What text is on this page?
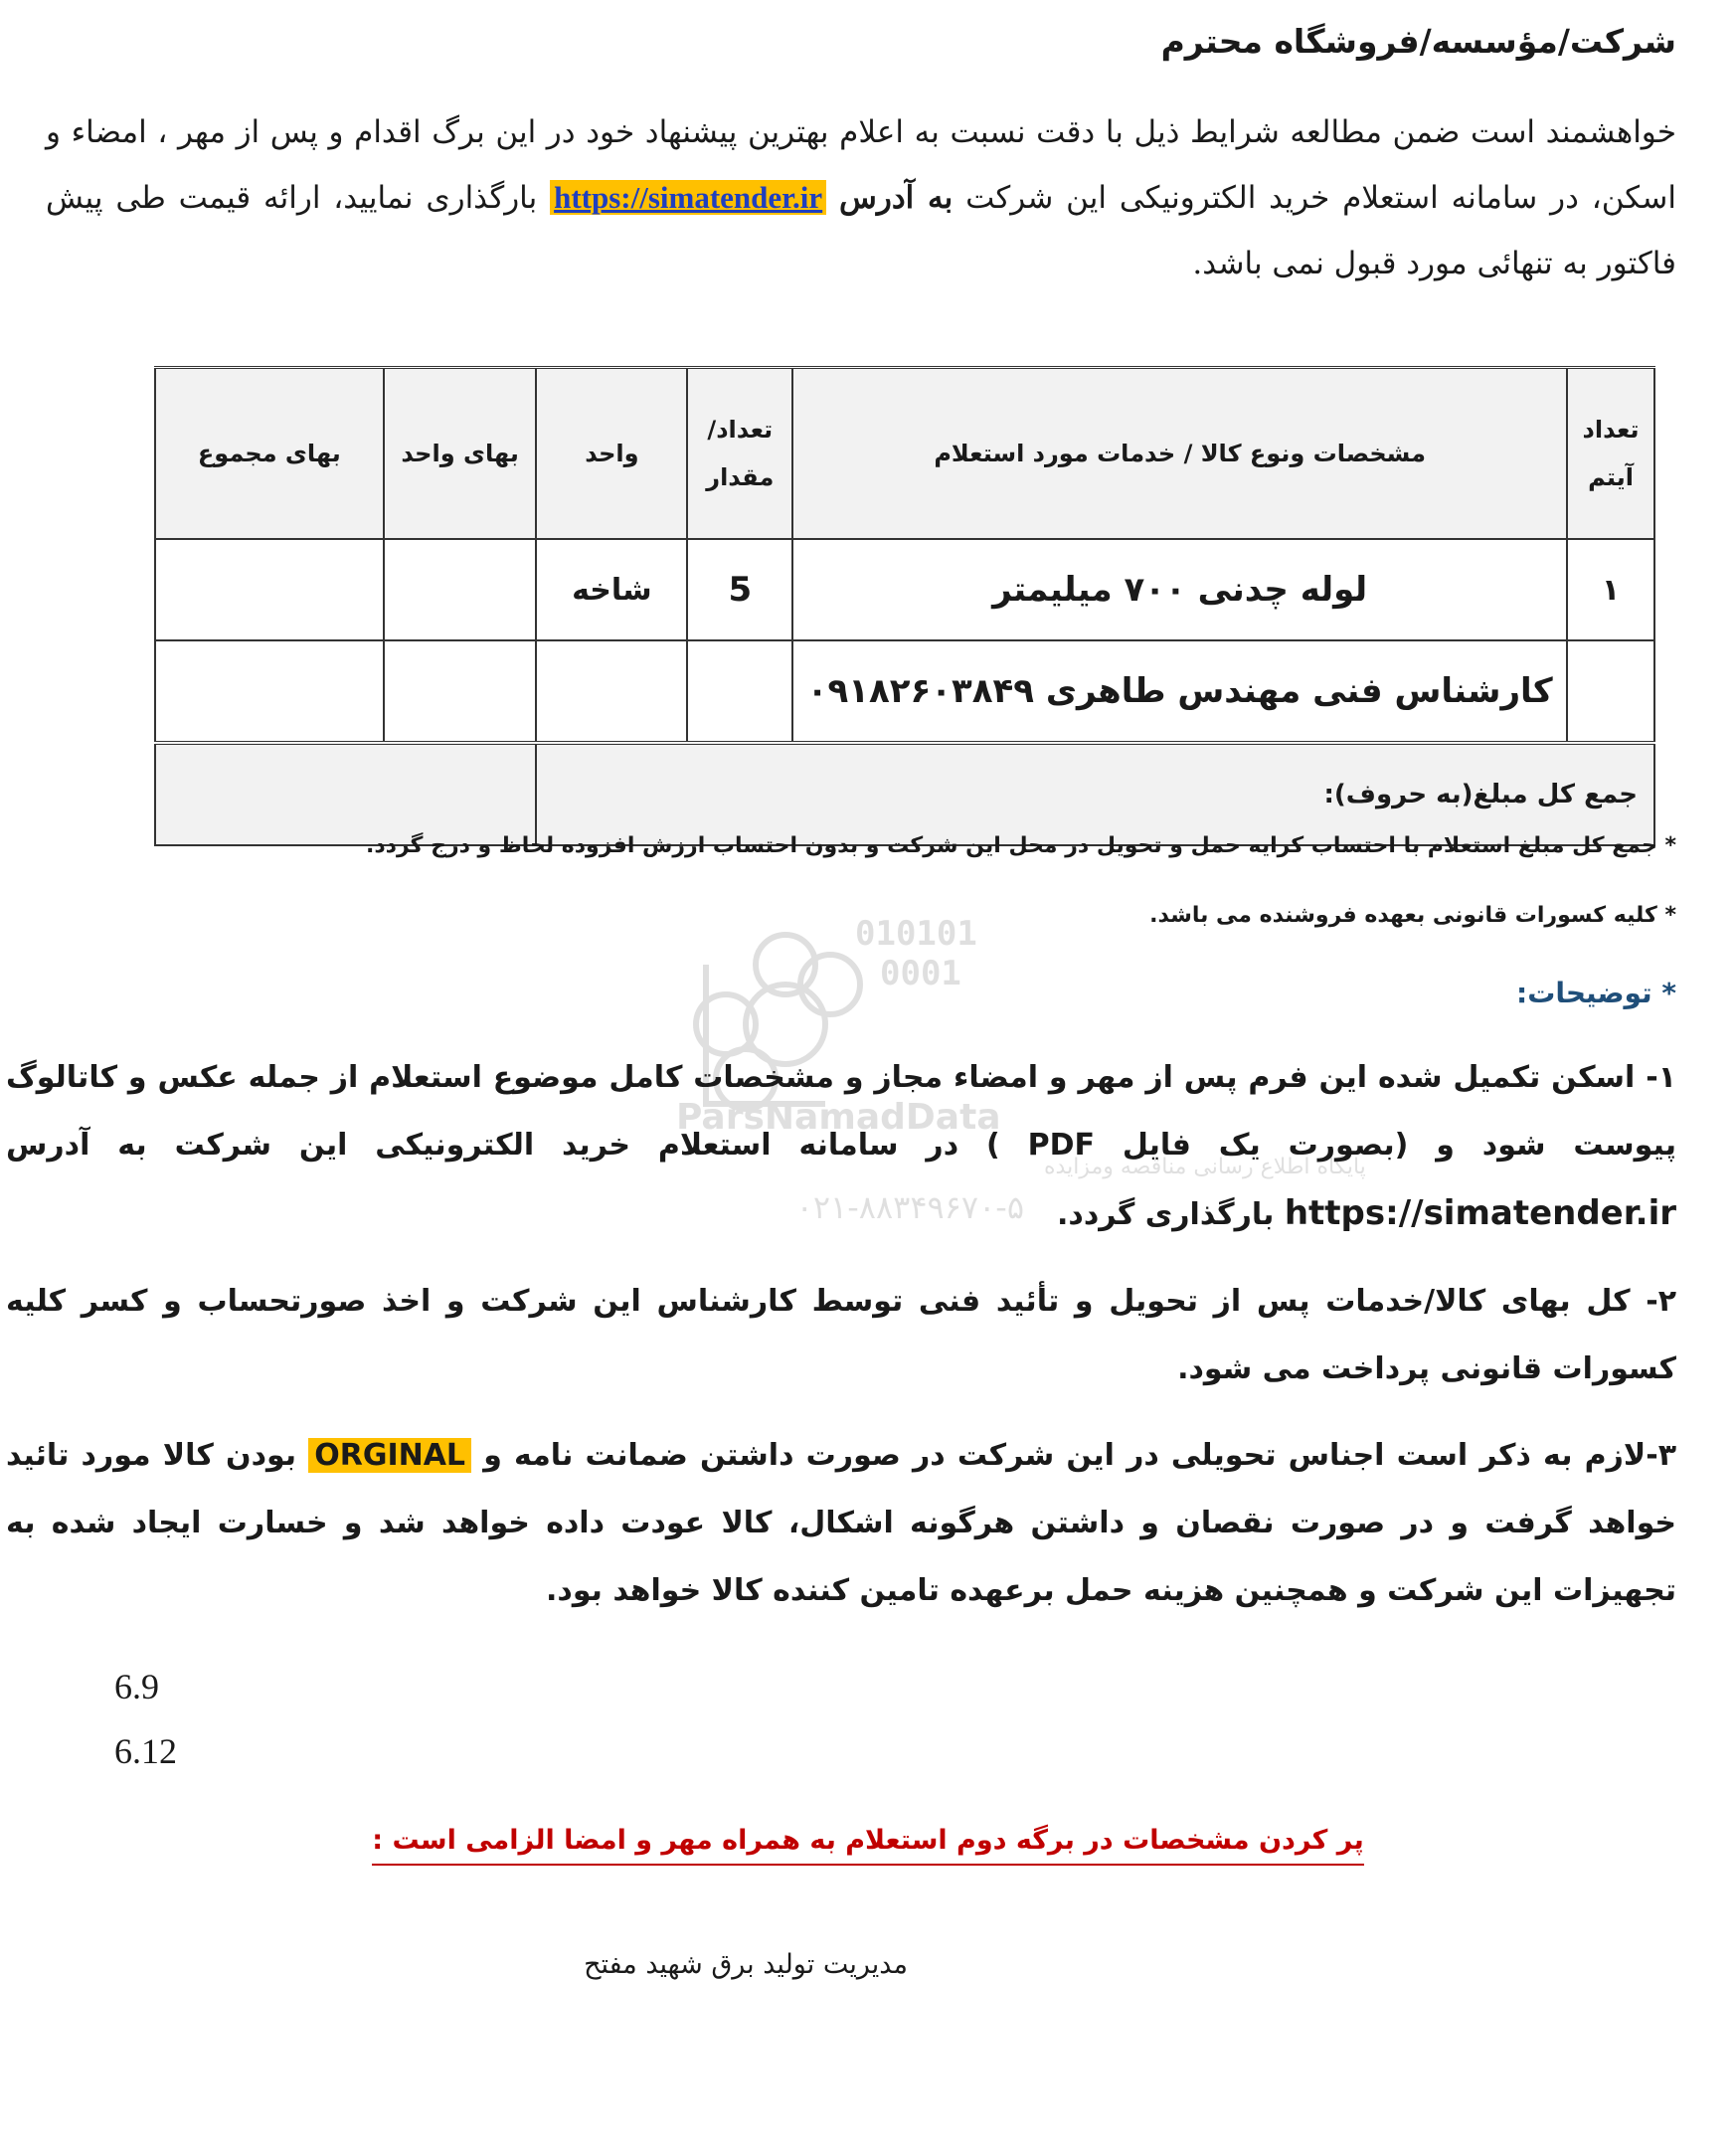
شرکت/مؤسسه/فروشگاه محترم
خواهشمند است ضمن مطالعه شرایط ذیل با دقت نسبت به اعلام بهترین پیشنهاد خود در این برگ اقدام و پس از مهر ، امضاء و اسکن، در سامانه استعلام خرید الکترونیکی این شرکت به آدرس https://simatender.ir بارگذاری نمایید، ارائه قیمت طی پیش فاکتور به تنهائی مورد قبول نمی باشد.
تعداد آیتم	مشخصات ونوع کالا / خدمات مورد استعلام	تعداد/ مقدار	واحد	بهای واحد	بهای مجموع
۱	لوله چدنی ۷۰۰ میلیمتر	5	شاخه		
	کارشناس فنی مهندس طاهری ۰۹۱۸۲۶۰۳۸۴۹				
جمع کل مبلغ(به حروف):					
010101
0001
ParsNamadData
پایگاه اطلاع رسانی مناقصه ومزایده
۰۲۱-۸۸۳۴۹۶۷۰-۵
* جمع کل مبلغ استعلام با احتساب کرایه حمل و تحویل در محل این شرکت و بدون احتساب ارزش افزوده لحاظ و درج گردد.
* کلیه کسورات قانونی بعهده فروشنده می باشد.
* توضیحات:
۱- اسکن تکمیل شده این فرم پس از مهر و امضاء مجاز و مشخصات کامل موضوع استعلام از جمله عکس و کاتالوگ پیوست شود و (بصورت یک فایل PDF ) در سامانه استعلام خرید الکترونیکی این شرکت به آدرس https://simatender.ir بارگذاری گردد.
۲- کل بهای کالا/خدمات پس از تحویل و تأئید فنی توسط کارشناس این شرکت و اخذ صورتحساب و کسر کلیه کسورات قانونی پرداخت می شود.
۳-لازم به ذکر است اجناس تحویلی در این شرکت در صورت داشتن ضمانت نامه و ORGINAL بودن کالا مورد تائید خواهد گرفت و در صورت نقصان و داشتن هرگونه اشکال، کالا عودت داده خواهد شد و خسارت ایجاد شده به تجهیزات این شرکت و همچنین هزینه حمل برعهده تامین کننده کالا خواهد بود.
6.9
6.12
پر کردن مشخصات در برگه دوم استعلام به همراه مهر و امضا الزامی است :
مدیریت تولید برق شهید مفتح
